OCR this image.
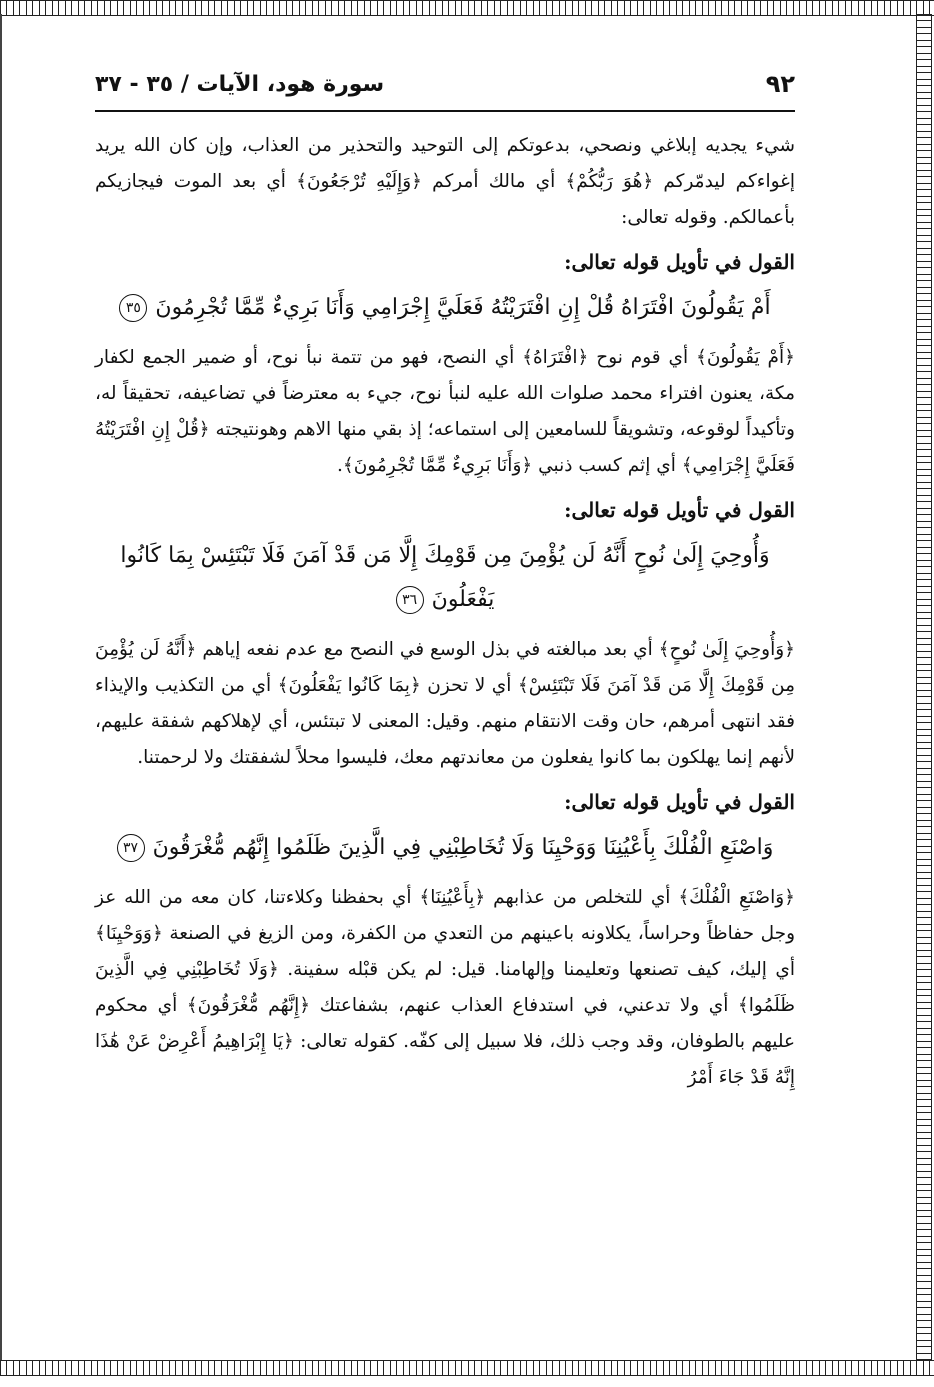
٩٢
سورة هود، الآيات / ٣٥ - ٣٧

شيء يجديه إبلاغي ونصحي، بدعوتكم إلى التوحيد والتحذير من العذاب، وإن كان الله يريد إغواءكم ليدمّركم ﴿هُوَ رَبُّكُمْ﴾ أي مالك أمركم ﴿وَإِلَيْهِ تُرْجَعُونَ﴾ أي بعد الموت فيجازيكم بأعمالكم. وقوله تعالى:

القول في تأويل قوله تعالى:
أَمْ يَقُولُونَ افْتَرَاهُ قُلْ إِنِ افْتَرَيْتُهُ فَعَلَيَّ إِجْرَامِي وَأَنَا بَرِيءٌ مِّمَّا تُجْرِمُونَ٣٥

﴿أَمْ يَقُولُونَ﴾ أي قوم نوح ﴿افْتَرَاهُ﴾ أي النصح، فهو من تتمة نبأ نوح، أو ضمير الجمع لكفار مكة، يعنون افتراء محمد صلوات الله عليه لنبأ نوح، جيء به معترضاً في تضاعيفه، تحقيقاً له، وتأكيداً لوقوعه، وتشويقاً للسامعين إلى استماعه؛ إذ بقي منها الاهم وهونتيجته ﴿قُلْ إِنِ افْتَرَيْتُهُ فَعَلَيَّ إِجْرَامِي﴾ أي إثم كسب ذنبي ﴿وَأَنَا بَرِيءٌ مِّمَّا تُجْرِمُونَ﴾.

القول في تأويل قوله تعالى:
وَأُوحِيَ إِلَىٰ نُوحٍ أَنَّهُ لَن يُؤْمِنَ مِن قَوْمِكَ إِلَّا مَن قَدْ آمَنَ فَلَا تَبْتَئِسْ بِمَا كَانُوا
يَفْعَلُونَ٣٦

﴿وَأُوحِيَ إِلَىٰ نُوحٍ﴾ أي بعد مبالغته في بذل الوسع في النصح مع عدم نفعه إياهم ﴿أَنَّهُ لَن يُؤْمِنَ مِن قَوْمِكَ إِلَّا مَن قَدْ آمَنَ فَلَا تَبْتَئِسْ﴾ أي لا تحزن ﴿بِمَا كَانُوا يَفْعَلُونَ﴾ أي من التكذيب والإيذاء فقد انتهى أمرهم، حان وقت الانتقام منهم. وقيل: المعنى لا تبتئس، أي لإهلاكهم شفقة عليهم، لأنهم إنما يهلكون بما كانوا يفعلون من معاندتهم معك، فليسوا محلاً لشفقتك ولا لرحمتنا.

القول في تأويل قوله تعالى:
وَاصْنَعِ الْفُلْكَ بِأَعْيُنِنَا وَوَحْيِنَا وَلَا تُخَاطِبْنِي فِي الَّذِينَ ظَلَمُوا إِنَّهُم مُّغْرَقُونَ٣٧

﴿وَاصْنَعِ الْفُلْكَ﴾ أي للتخلص من عذابهم ﴿بِأَعْيُنِنَا﴾ أي بحفظنا وكلاءتنا، كان معه من الله عز وجل حفاظاً وحراساً، يكلاونه باعينهم من التعدي من الكفرة، ومن الزيغ في الصنعة ﴿وَوَحْيِنَا﴾ أي إليك، كيف تصنعها وتعليمنا وإلهامنا. قيل: لم يكن قبْله سفينة. ﴿وَلَا تُخَاطِبْنِي فِي الَّذِينَ ظَلَمُوا﴾ أي ولا تدعني، في استدفاع العذاب عنهم، بشفاعتك ﴿إِنَّهُم مُّغْرَقُونَ﴾ أي محكوم عليهم بالطوفان، وقد وجب ذلك، فلا سبيل إلى كفّه. كقوله تعالى: ﴿يَا إِبْرَاهِيمُ أَعْرِضْ عَنْ هَٰذَا إِنَّهُ قَدْ جَاءَ أَمْرُ
